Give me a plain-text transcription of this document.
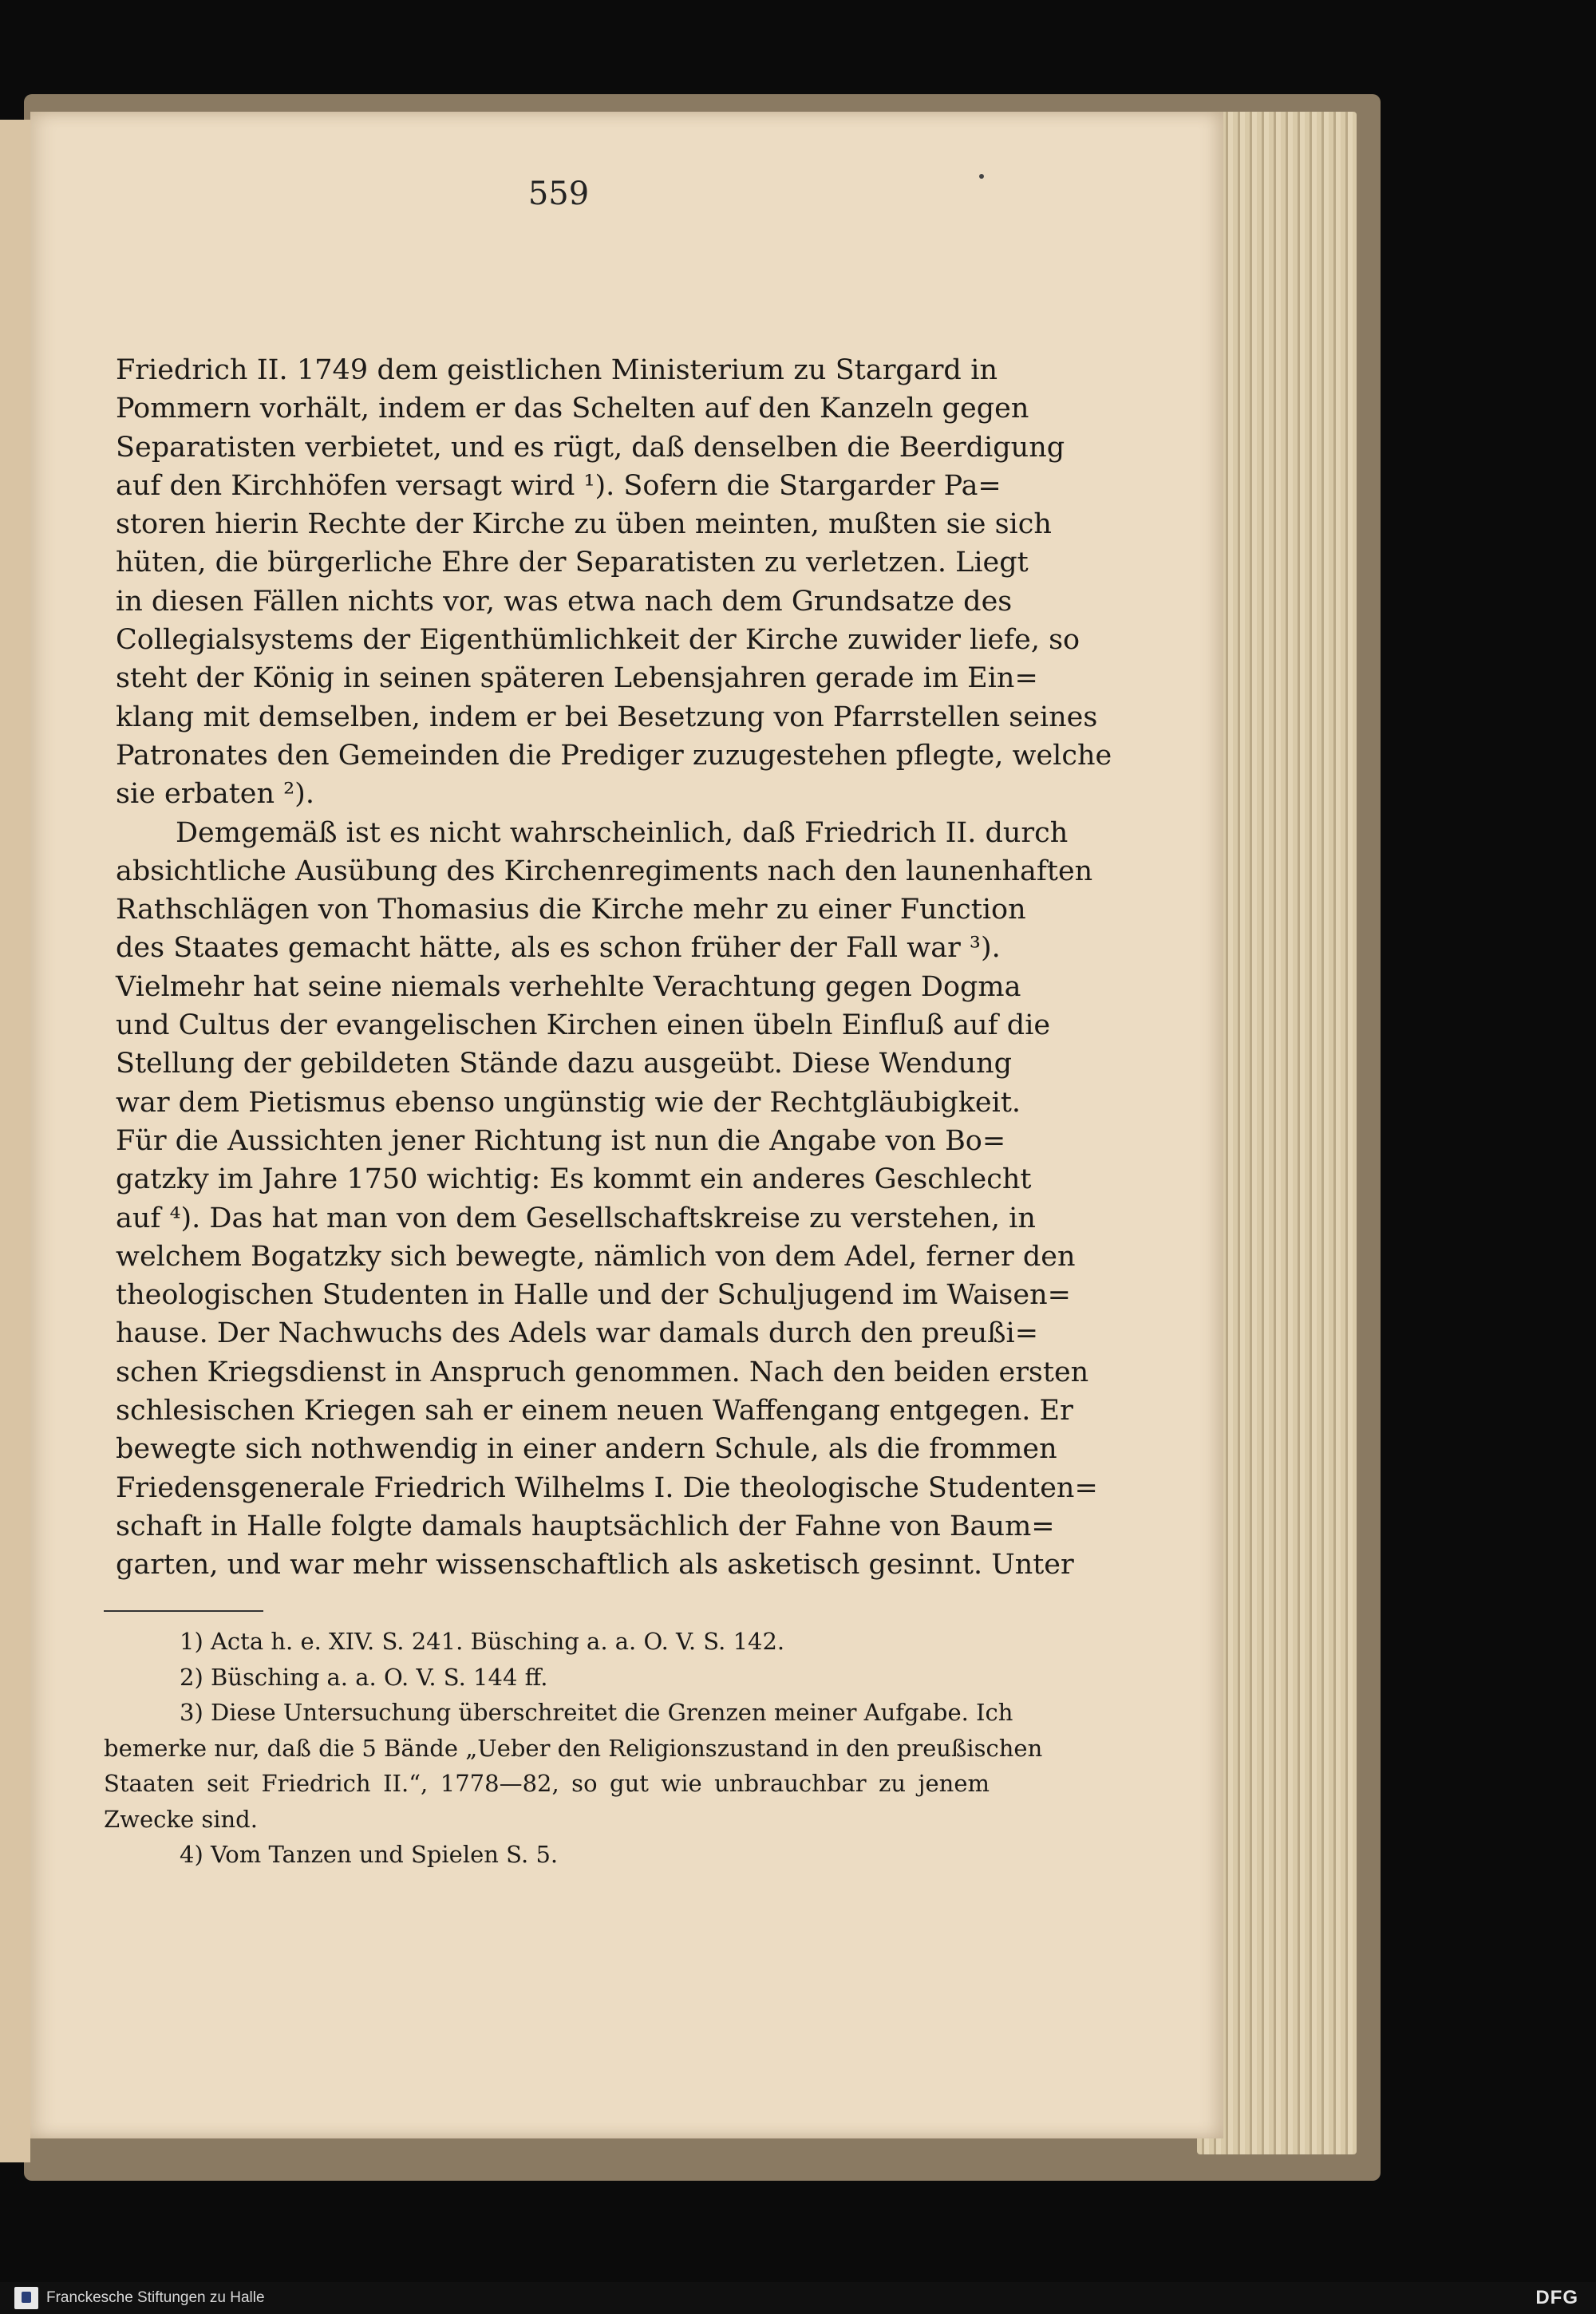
559
Friedrich II. 1749 dem geistlichen Ministerium zu Stargard in
Pommern vorhält, indem er das Schelten auf den Kanzeln gegen
Separatisten verbietet, und es rügt, daß denselben die Beerdigung
auf den Kirchhöfen versagt wird ¹). Sofern die Stargarder Pa=
storen hierin Rechte der Kirche zu üben meinten, mußten sie sich
hüten, die bürgerliche Ehre der Separatisten zu verletzen. Liegt
in diesen Fällen nichts vor, was etwa nach dem Grundsatze des
Collegialsystems der Eigenthümlichkeit der Kirche zuwider liefe, so
steht der König in seinen späteren Lebensjahren gerade im Ein=
klang mit demselben, indem er bei Besetzung von Pfarrstellen seines
Patronates den Gemeinden die Prediger zuzugestehen pflegte, welche
sie erbaten ²).
Demgemäß ist es nicht wahrscheinlich, daß Friedrich II. durch
absichtliche Ausübung des Kirchenregiments nach den launenhaften
Rathschlägen von Thomasius die Kirche mehr zu einer Function
des Staates gemacht hätte, als es schon früher der Fall war ³).
Vielmehr hat seine niemals verhehlte Verachtung gegen Dogma
und Cultus der evangelischen Kirchen einen übeln Einfluß auf die
Stellung der gebildeten Stände dazu ausgeübt. Diese Wendung
war dem Pietismus ebenso ungünstig wie der Rechtgläubigkeit.
Für die Aussichten jener Richtung ist nun die Angabe von Bo=
gatzky im Jahre 1750 wichtig: Es kommt ein anderes Geschlecht
auf ⁴). Das hat man von dem Gesellschaftskreise zu verstehen, in
welchem Bogatzky sich bewegte, nämlich von dem Adel, ferner den
theologischen Studenten in Halle und der Schuljugend im Waisen=
hause. Der Nachwuchs des Adels war damals durch den preußi=
schen Kriegsdienst in Anspruch genommen. Nach den beiden ersten
schlesischen Kriegen sah er einem neuen Waffengang entgegen. Er
bewegte sich nothwendig in einer andern Schule, als die frommen
Friedensgenerale Friedrich Wilhelms I. Die theologische Studenten=
schaft in Halle folgte damals hauptsächlich der Fahne von Baum=
garten, und war mehr wissenschaftlich als asketisch gesinnt. Unter
1) Acta h. e. XIV. S. 241. Büsching a. a. O. V. S. 142.
2) Büsching a. a. O. V. S. 144 ff.
3) Diese Untersuchung überschreitet die Grenzen meiner Aufgabe. Ich
bemerke nur, daß die 5 Bände „Ueber den Religionszustand in den preußischen
Staaten seit Friedrich II.“, 1778—82, so gut wie unbrauchbar zu jenem
Zwecke sind.
4) Vom Tanzen und Spielen S. 5.
Franckesche Stiftungen zu Halle	DFG
